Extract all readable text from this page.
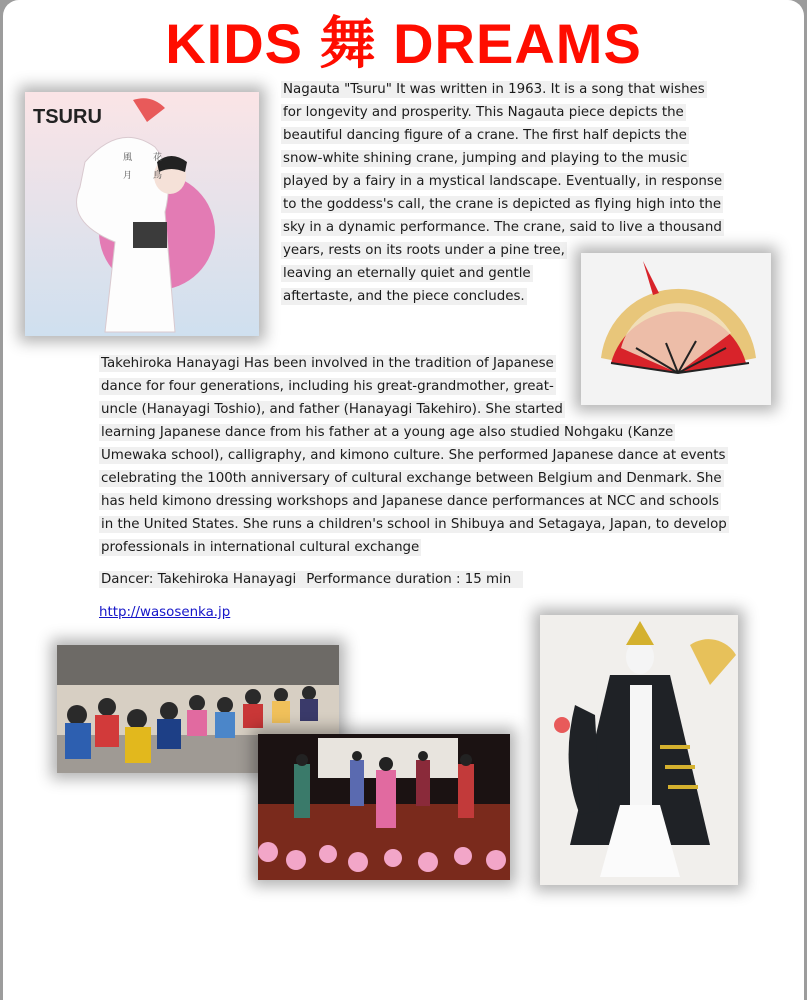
KIDS 舞 DREAMS
風
月
花
鳥
TSURU
Nagauta "Tsuru" It was written in 1963. It is a song that wishes
for longevity and prosperity. This Nagauta piece depicts the
beautiful dancing figure of a crane. The first half depicts the
snow-white shining crane, jumping and playing to the music
played by a fairy in a mystical landscape. Eventually, in response
to the goddess's call, the crane is depicted as flying high into the
sky in a dynamic performance. The crane, said to live a thousand
years, rests on its roots under a pine tree,
leaving an eternally quiet and gentle
aftertaste, and the piece concludes.
Takehiroka Hanayagi Has been involved in the tradition of Japanese
dance for four generations, including his great-grandmother, great-
uncle (Hanayagi Toshio), and father (Hanayagi Takehiro). She started
learning Japanese dance from his father at a young age also studied Nohgaku (Kanze
Umewaka school), calligraphy, and kimono culture. She performed Japanese dance at events
celebrating the 100th anniversary of cultural exchange between Belgium and Denmark. She
has held kimono dressing workshops and Japanese dance performances at NCC and schools
in the United States. She runs a children's school in Shibuya and Setagaya, Japan, to develop
professionals in international cultural exchange
Dancer: Takehiroka Hanayagi Performance duration : 15 min
http://wasosenka.jp
